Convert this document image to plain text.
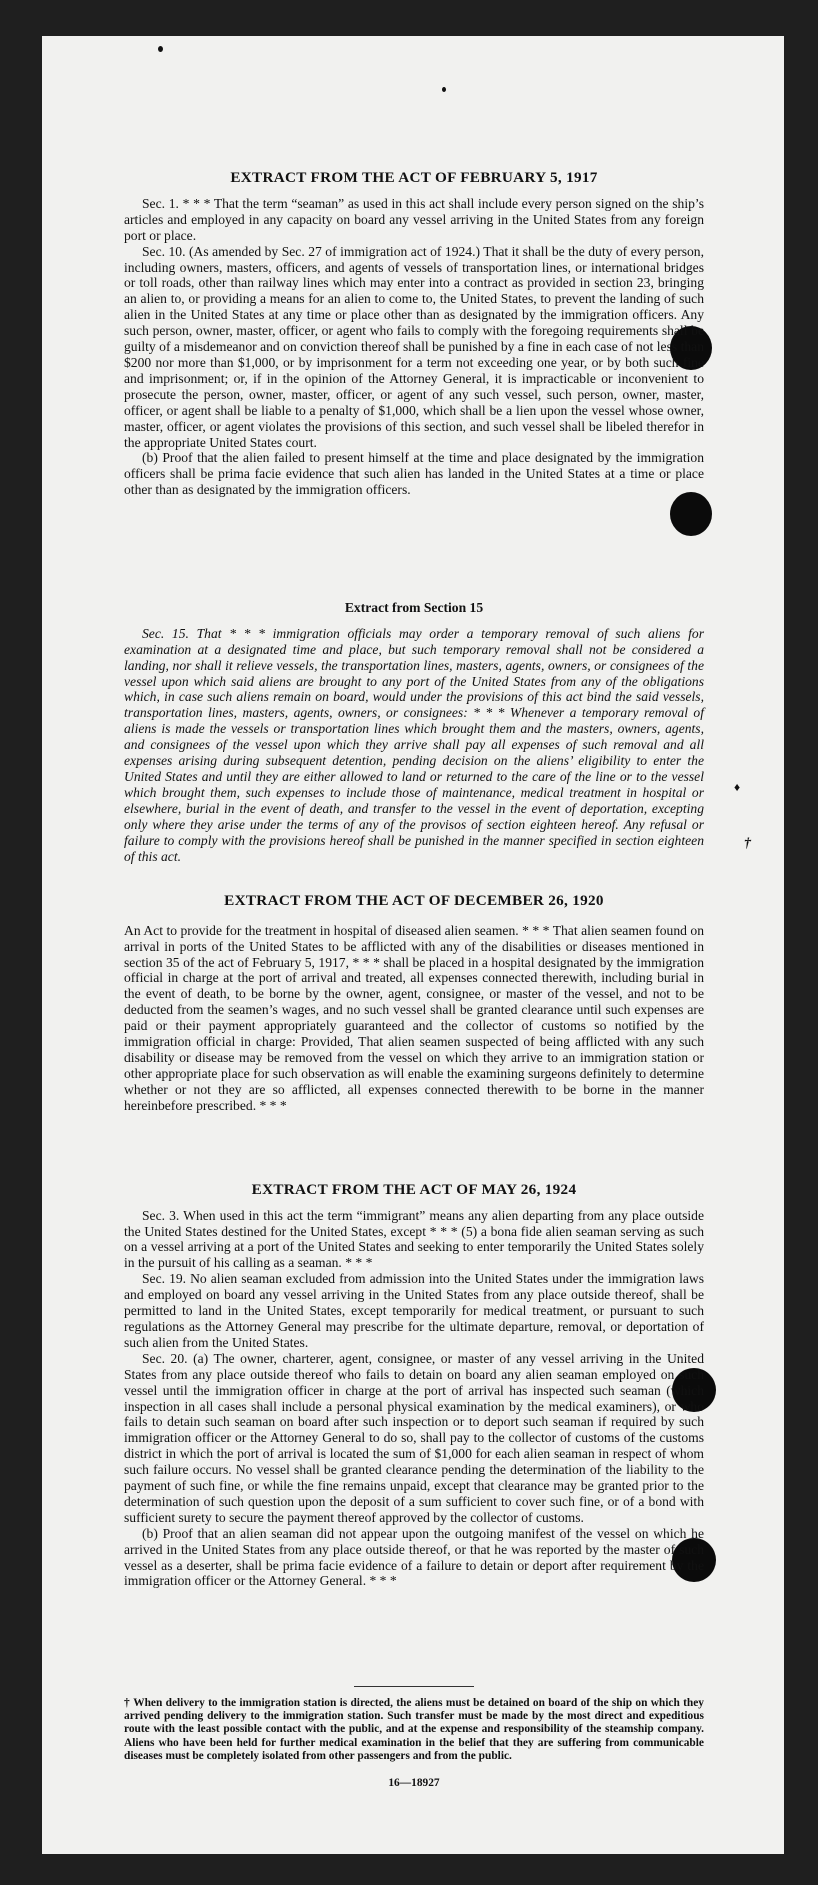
♦
†
EXTRACT FROM THE ACT OF FEBRUARY 5, 1917

Sec. 1. * * * That the term “seaman” as used in this act shall include every person signed on the ship’s articles and employed in any capacity on board any vessel arriving in the United States from any foreign port or place.

Sec. 10. (As amended by Sec. 27 of immigration act of 1924.) That it shall be the duty of every person, including owners, masters, officers, and agents of vessels of transportation lines, or international bridges or toll roads, other than railway lines which may enter into a contract as provided in section 23, bringing an alien to, or providing a means for an alien to come to, the United States, to prevent the landing of such alien in the United States at any time or place other than as designated by the immigration officers. Any such person, owner, master, officer, or agent who fails to comply with the foregoing requirements shall be guilty of a misdemeanor and on conviction thereof shall be punished by a fine in each case of not less than $200 nor more than $1,000, or by imprisonment for a term not exceeding one year, or by both such fine and imprisonment; or, if in the opinion of the Attorney General, it is impracticable or inconvenient to prosecute the person, owner, master, officer, or agent of any such vessel, such person, owner, master, officer, or agent shall be liable to a penalty of $1,000, which shall be a lien upon the vessel whose owner, master, officer, or agent violates the provisions of this section, and such vessel shall be libeled therefor in the appropriate United States court.

(b) Proof that the alien failed to present himself at the time and place designated by the immigration officers shall be prima facie evidence that such alien has landed in the United States at a time or place other than as designated by the immigration officers.

Extract from Section 15

Sec. 15. That * * * immigration officials may order a temporary removal of such aliens for examination at a designated time and place, but such temporary removal shall not be considered a landing, nor shall it relieve vessels, the transportation lines, masters, agents, owners, or consignees of the vessel upon which said aliens are brought to any port of the United States from any of the obligations which, in case such aliens remain on board, would under the provisions of this act bind the said vessels, transportation lines, masters, agents, owners, or consignees: * * * Whenever a temporary removal of aliens is made the vessels or transportation lines which brought them and the masters, owners, agents, and consignees of the vessel upon which they arrive shall pay all expenses of such removal and all expenses arising during subsequent detention, pending decision on the aliens’ eligibility to enter the United States and until they are either allowed to land or returned to the care of the line or to the vessel which brought them, such expenses to include those of maintenance, medical treatment in hospital or elsewhere, burial in the event of death, and transfer to the vessel in the event of deportation, excepting only where they arise under the terms of any of the provisos of section eighteen hereof. Any refusal or failure to comply with the provisions hereof shall be punished in the manner specified in section eighteen of this act.

EXTRACT FROM THE ACT OF DECEMBER 26, 1920

An Act to provide for the treatment in hospital of diseased alien seamen. * * * That alien seamen found on arrival in ports of the United States to be afflicted with any of the disabilities or diseases mentioned in section 35 of the act of February 5, 1917, * * * shall be placed in a hospital designated by the immigration official in charge at the port of arrival and treated, all expenses connected therewith, including burial in the event of death, to be borne by the owner, agent, consignee, or master of the vessel, and not to be deducted from the seamen’s wages, and no such vessel shall be granted clearance until such expenses are paid or their payment appropriately guaranteed and the collector of customs so notified by the immigration official in charge: Provided, That alien seamen suspected of being afflicted with any such disability or disease may be removed from the vessel on which they arrive to an immigration station or other appropriate place for such observation as will enable the examining surgeons definitely to determine whether or not they are so afflicted, all expenses connected therewith to be borne in the manner hereinbefore prescribed. * * *

EXTRACT FROM THE ACT OF MAY 26, 1924

Sec. 3. When used in this act the term “immigrant” means any alien departing from any place outside the United States destined for the United States, except * * * (5) a bona fide alien seaman serving as such on a vessel arriving at a port of the United States and seeking to enter temporarily the United States solely in the pursuit of his calling as a seaman. * * *

Sec. 19. No alien seaman excluded from admission into the United States under the immigration laws and employed on board any vessel arriving in the United States from any place outside thereof, shall be permitted to land in the United States, except temporarily for medical treatment, or pursuant to such regulations as the Attorney General may prescribe for the ultimate departure, removal, or deportation of such alien from the United States.

Sec. 20. (a) The owner, charterer, agent, consignee, or master of any vessel arriving in the United States from any place outside thereof who fails to detain on board any alien seaman employed on such vessel until the immigration officer in charge at the port of arrival has inspected such seaman (which inspection in all cases shall include a personal physical examination by the medical examiners), or who fails to detain such seaman on board after such inspection or to deport such seaman if required by such immigration officer or the Attorney General to do so, shall pay to the collector of customs of the customs district in which the port of arrival is located the sum of $1,000 for each alien seaman in respect of whom such failure occurs. No vessel shall be granted clearance pending the determination of the liability to the payment of such fine, or while the fine remains unpaid, except that clearance may be granted prior to the determination of such question upon the deposit of a sum sufficient to cover such fine, or of a bond with sufficient surety to secure the payment thereof approved by the collector of customs.

(b) Proof that an alien seaman did not appear upon the outgoing manifest of the vessel on which he arrived in the United States from any place outside thereof, or that he was reported by the master of such vessel as a deserter, shall be prima facie evidence of a failure to detain or deport after requirement by the immigration officer or the Attorney General. * * *

† When delivery to the immigration station is directed, the aliens must be detained on board of the ship on which they arrived pending delivery to the immigration station. Such transfer must be made by the most direct and expeditious route with the least possible contact with the public, and at the expense and responsibility of the steamship company. Aliens who have been held for further medical examination in the belief that they are suffering from communicable diseases must be completely isolated from other passengers and from the public.

16—18927
